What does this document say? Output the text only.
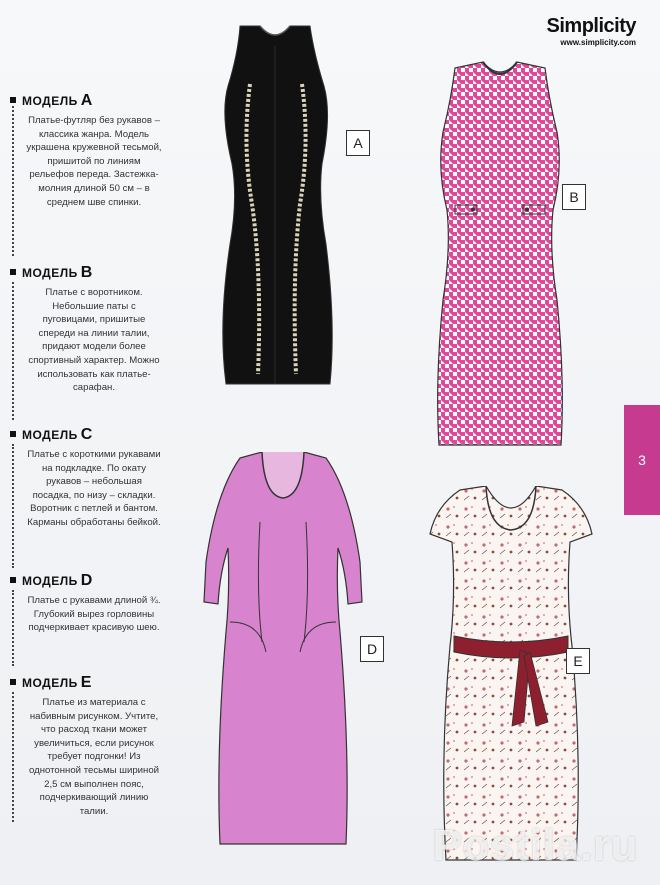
Simplicity
www.simplicity.com
МОДЕЛЬ A
Платье-футляр без рукавов – классика жанра. Модель украшена кружевной тесьмой, пришитой по линиям рельефов переда. Застежка-молния длиной 50 см – в среднем шве спинки.
МОДЕЛЬ B
Платье с воротником. Небольшие паты с пуговицами, пришитые спереди на линии талии, придают модели более спортивный характер. Можно использовать как платье-сарафан.
МОДЕЛЬ C
Платье с короткими рукавами на подкладке. По окату рукавов – небольшая посадка, по низу – складки. Воротник с петлей и бантом. Карманы обработаны бейкой.
МОДЕЛЬ D
Платье с рукавами длиной ¾. Глубокий вырез горловины подчеркивает красивую шею.
МОДЕЛЬ E
Платье из материала с набивным рисунком. Учтите, что расход ткани может увеличиться, если рисунок требует подгонки! Из однотонной тесьмы шириной 2,5 см выполнен пояс, подчеркивающий линию талии.
A
B
D
E
3
Postila.ru
